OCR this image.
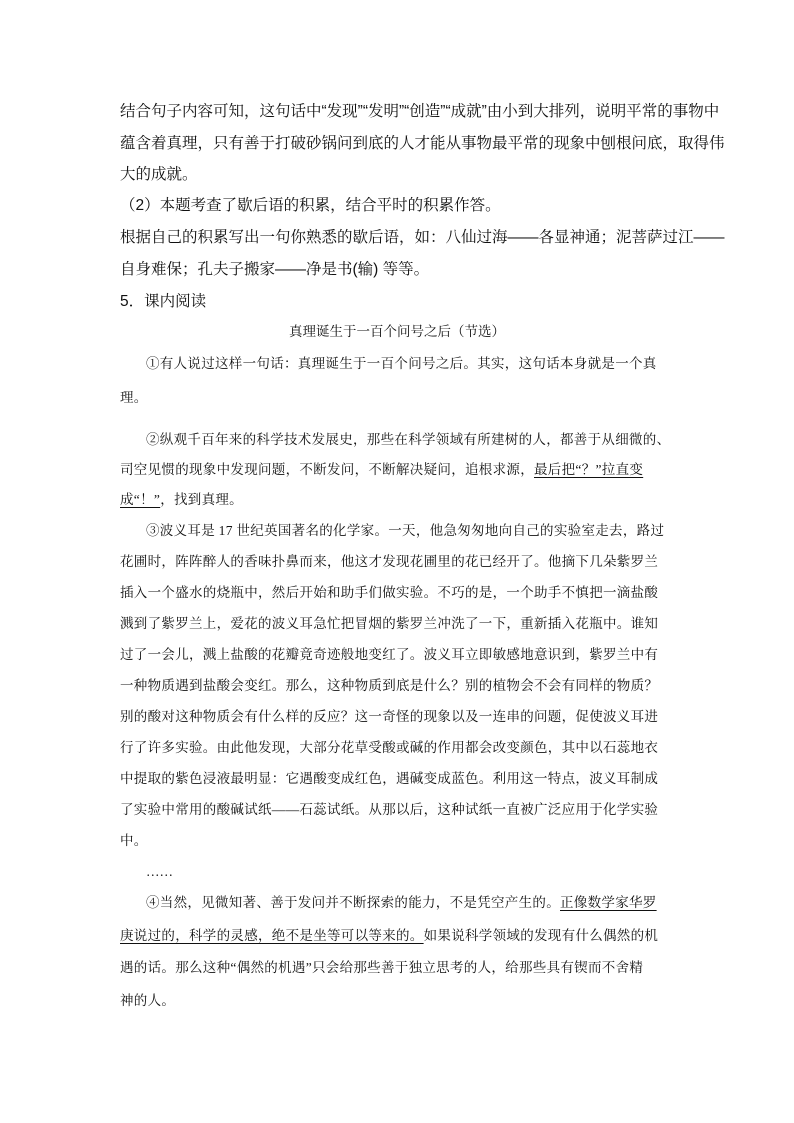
结合句子内容可知，这句话中“发现”“发明”“创造”“成就”由小到大排列，说明平常的事物中
蕴含着真理，只有善于打破砂锅问到底的人才能从事物最平常的现象中刨根问底，取得伟
大的成就。
（2）本题考查了歇后语的积累，结合平时的积累作答。
根据自己的积累写出一句你熟悉的歇后语，如：八仙过海——各显神通；泥菩萨过江——
自身难保；孔夫子搬家——净是书(输) 等等。
5．课内阅读
真理诞生于一百个问号之后（节选）
①有人说过这样一句话：真理诞生于一百个问号之后。其实，这句话本身就是一个真
理。
②纵观千百年来的科学技术发展史，那些在科学领域有所建树的人，都善于从细微的、
司空见惯的现象中发现问题，不断发问，不断解决疑问，追根求源，最后把“？”拉直变
成“！”，找到真理。
③波义耳是 17 世纪英国著名的化学家。一天，他急匆匆地向自己的实验室走去，路过
花圃时，阵阵醉人的香味扑鼻而来，他这才发现花圃里的花已经开了。他摘下几朵紫罗兰
插入一个盛水的烧瓶中，然后开始和助手们做实验。不巧的是，一个助手不慎把一滴盐酸
溅到了紫罗兰上，爱花的波义耳急忙把冒烟的紫罗兰冲洗了一下，重新插入花瓶中。谁知
过了一会儿，溅上盐酸的花瓣竟奇迹般地变红了。波义耳立即敏感地意识到，紫罗兰中有
一种物质遇到盐酸会变红。那么，这种物质到底是什么？别的植物会不会有同样的物质？
别的酸对这种物质会有什么样的反应？这一奇怪的现象以及一连串的问题，促使波义耳进
行了许多实验。由此他发现，大部分花草受酸或碱的作用都会改变颜色，其中以石蕊地衣
中提取的紫色浸液最明显：它遇酸变成红色，遇碱变成蓝色。利用这一特点，波义耳制成
了实验中常用的酸碱试纸——石蕊试纸。从那以后，这种试纸一直被广泛应用于化学实验
中。
……
④当然，见微知著、善于发问并不断探索的能力，不是凭空产生的。正像数学家华罗
庚说过的，科学的灵感，绝不是坐等可以等来的。如果说科学领域的发现有什么偶然的机
遇的话。那么这种“偶然的机遇”只会给那些善于独立思考的人，给那些具有锲而不舍精
神的人。
